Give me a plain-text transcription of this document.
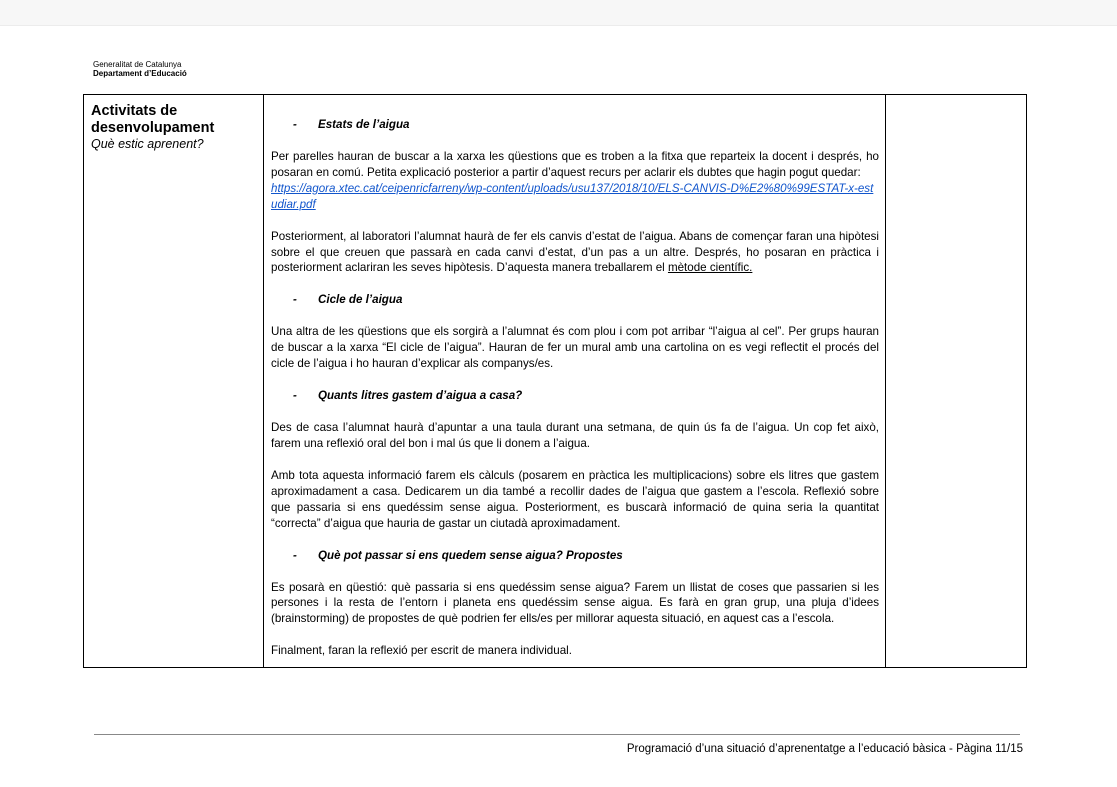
Generalitat de Catalunya
Departament d’Educació
Activitats de desenvolupament
Què estic aprenent?

- Estats de l’aigua

Per parelles hauran de buscar a la xarxa les qüestions que es troben a la fitxa que reparteix la docent i després, ho posaran en comú. Petita explicació posterior a partir d’aquest recurs per aclarir els dubtes que hagin pogut quedar:

https://agora.xtec.cat/ceipenricfarreny/wp-content/uploads/usu137/2018/10/ELS-CANVIS-D%E2%80%99ESTAT-x-estudiar.pdf

Posteriorment, al laboratori l’alumnat haurà de fer els canvis d’estat de l’aigua. Abans de començar faran una hipòtesi sobre el que creuen que passarà en cada canvi d’estat, d’un pas a un altre. Després, ho posaran en pràctica i posteriorment aclariran les seves hipòtesis. D’aquesta manera treballarem el mètode científic.

- Cicle de l’aigua

Una altra de les qüestions que els sorgirà a l’alumnat és com plou i com pot arribar “l’aigua al cel”. Per grups hauran de buscar a la xarxa “El cicle de l’aigua”. Hauran de fer un mural amb una cartolina on es vegi reflectit el procés del cicle de l’aigua i ho hauran d’explicar als companys/es.

- Quants litres gastem d’aigua a casa?

Des de casa l’alumnat haurà d’apuntar a una taula durant una setmana, de quin ús fa de l’aigua. Un cop fet això, farem una reflexió oral del bon i mal ús que li donem a l’aigua.

Amb tota aquesta informació farem els càlculs (posarem en pràctica les multiplicacions) sobre els litres que gastem aproximadament a casa. Dedicarem un dia també a recollir dades de l’aigua que gastem a l’escola. Reflexió sobre que passaria si ens quedéssim sense aigua. Posteriorment, es buscarà informació de quina seria la quantitat “correcta” d’aigua que hauria de gastar un ciutadà aproximadament.

- Què pot passar si ens quedem sense aigua? Propostes

Es posarà en qüestió: què passaria si ens quedéssim sense aigua? Farem un llistat de coses que passarien si les persones i la resta de l’entorn i planeta ens quedéssim sense aigua. Es farà en gran grup, una pluja d’idees (brainstorming) de propostes de què podrien fer ells/es per millorar aquesta situació, en aquest cas a l’escola.

Finalment, faran la reflexió per escrit de manera individual.

Programació d’una situació d’aprenentatge a l’educació bàsica - Pàgina 11/15
